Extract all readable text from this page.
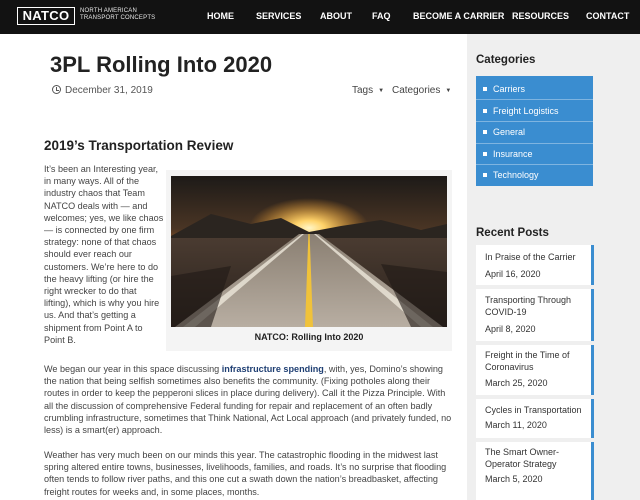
NATCO	NORTH AMERICAN TRANSPORT CONCEPTS	HOME SERVICES ABOUT FAQ BECOME A CARRIER RESOURCES CONTACT
3PL Rolling Into 2020
December 31, 2019	Tags ▼ Categories ▼
2019’s Transportation Review

It’s been an Interesting year, in many ways. All of the industry chaos that Team NATCO deals with — and welcomes; yes, we like chaos — is connected by one firm strategy: none of that chaos should ever reach our customers. We’re here to do the heavy lifting (or hire the right wrecker to do that lifting), which is why you hire us. And that’s getting a shipment from Point A to Point B.	NATCO: Rolling Into 2020

We began our year in this space discussing infrastructure spending, with, yes, Domino’s showing the nation that being selfish sometimes also benefits the community. (Fixing potholes along their routes in order to keep the pepperoni slices in place during delivery). Call it the Pizza Principle. With all the discussion of comprehensive Federal funding for repair and replacement of an often badly crumbling infrastructure, sometimes that Think National, Act Local approach (and privately funded, no less) is a smart(er) approach.

Weather has very much been on our minds this year. The catastrophic flooding in the midwest last spring altered entire towns, businesses, livelihoods, families, and roads. It’s no surprise that flooding often tends to follow river paths, and this one cut a swath down the nation’s breadbasket, affecting freight routes for weeks and, in some places, months.

Categories
Carriers
Freight Logistics
General
Insurance
Technology
Recent Posts
In Praise of the Carrier
April 16, 2020
Transporting Through COVID-19
April 8, 2020
Freight in the Time of Coronavirus
March 25, 2020
Cycles in Transportation
March 11, 2020
The Smart Owner-Operator Strategy
March 5, 2020
